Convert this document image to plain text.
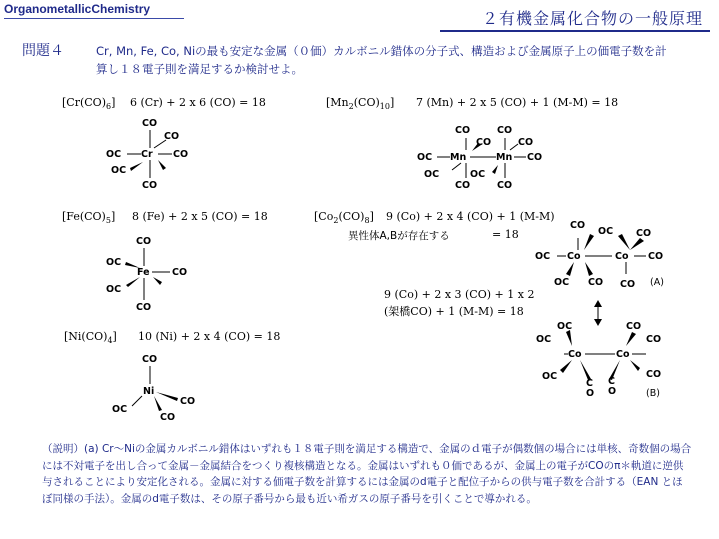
OrganometallicChemistry	２有機金属化合物の一般原理
問題４	Cr, Mn, Fe, Co, Niの最も安定な金属（０価）カルボニル錯体の分子式、構造および金属原子上の価電子数を計算し１８電子則を満足するか検討せよ。
$[Cr(CO)_6]$ 6 (Cr) + 2 x 6 (CO) = 18	$[Mn_2(CO)_{10}]$ 7 (Mn) + 2 x 5 (CO) + 1 (M-M) = 18
$[Fe(CO)_5]$ 8 (Fe) + 2 x 5 (CO) = 18	$[Co_2(CO)_8]$ 9 (Co) + 2 x 4 (CO) + 1 (M-M)
異性体A,Bが存在する	= 18
9 (Co) + 2 x 3 (CO) + 1 x 2
(架橋CO) + 1 (M-M) = 18
$[Ni(CO)_4]$ 10 (Ni) + 2 x 4 (CO) = 18
CO
CO
OC Cr CO
OC
CO
CO	CO
CO	CO
OC Mn	Mn CO
OC	OC
CO	CO
CO
OC
Fe CO
OC
CO
CO
OC CO
OC Co	Co CO
OC CO CO (A)
OC	CO
OC	CO
Co	Co
OC	CO
C
O
C
O	(B)
CO
Ni
CO
OC
CO
（説明）(a) Cr～Niの金属カルボニル錯体はいずれも１８電子則を満足する構造で、金属のｄ電子が偶数個の場合には単核、奇数個の場合には不対電子を出し合って金属－金属結合をつくり複核構造となる。金属はいずれも０価であるが、金属上の電子がCOのπ＊軌道に逆供与されることにより安定化される。金属に対する価電子数を計算するには金属のd電子と配位子からの供与電子数を合計する（EAN とほぼ同様の手法）。金属のd電子数は、その原子番号から最も近い希ガスの原子番号を引くことで導かれる。
